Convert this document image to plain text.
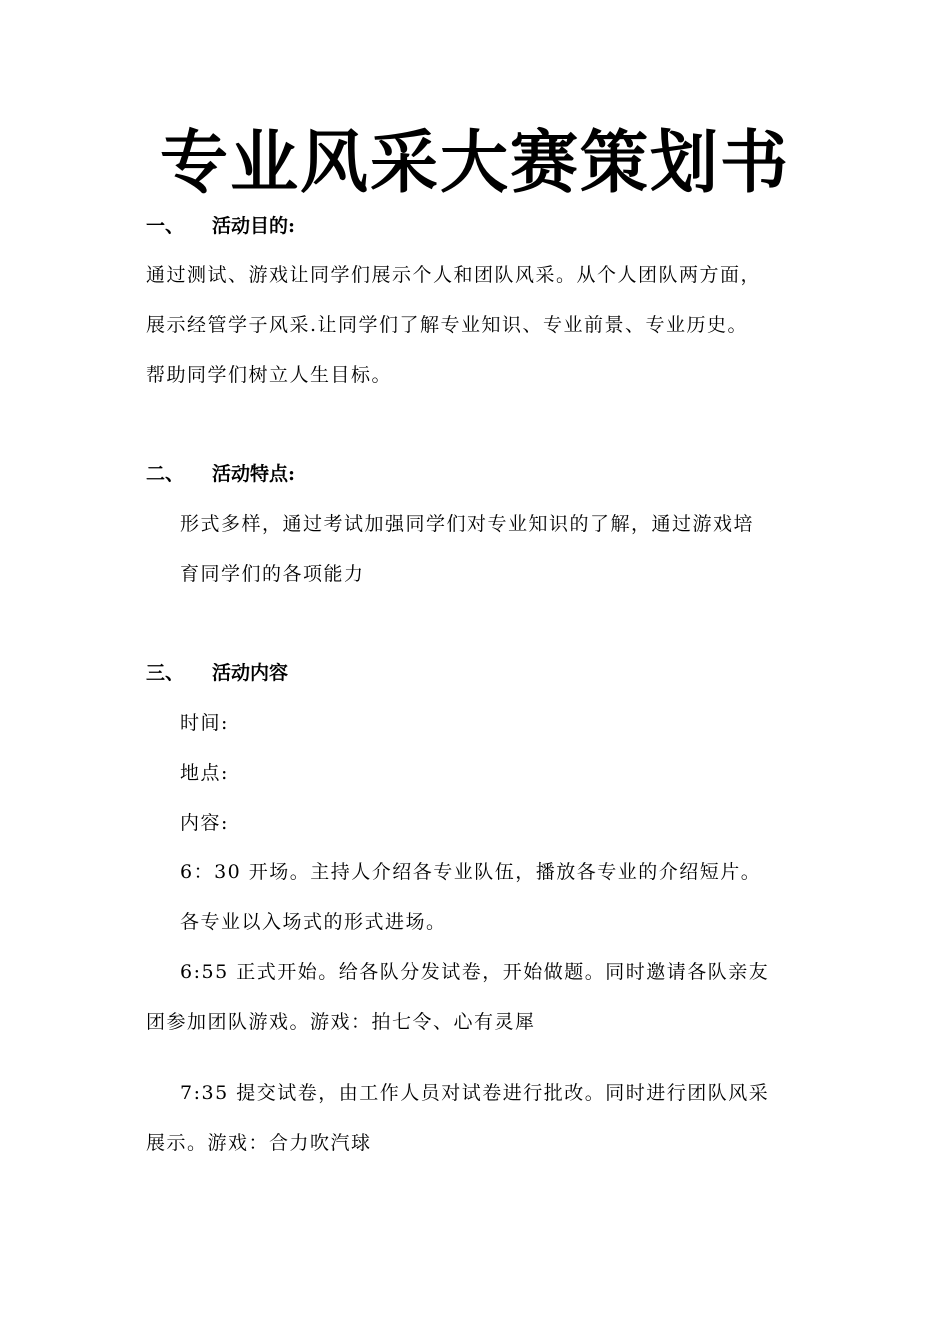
专业风采大赛策划书
一、 活动目的:
通过测试、游戏让同学们展示个人和团队风采。从个人团队两方面，
展示经管学子风采.让同学们了解专业知识、专业前景、专业历史。
帮助同学们树立人生目标。
二、 活动特点:
形式多样，通过考试加强同学们对专业知识的了解，通过游戏培
育同学们的各项能力
三、 活动内容
时间:
地点:
内容:
6：30 开场。主持人介绍各专业队伍，播放各专业的介绍短片。
各专业以入场式的形式进场。
6:55 正式开始。给各队分发试卷，开始做题。同时邀请各队亲友
团参加团队游戏。游戏：拍七令、心有灵犀
7:35 提交试卷，由工作人员对试卷进行批改。同时进行团队风采
展示。游戏：合力吹汽球
